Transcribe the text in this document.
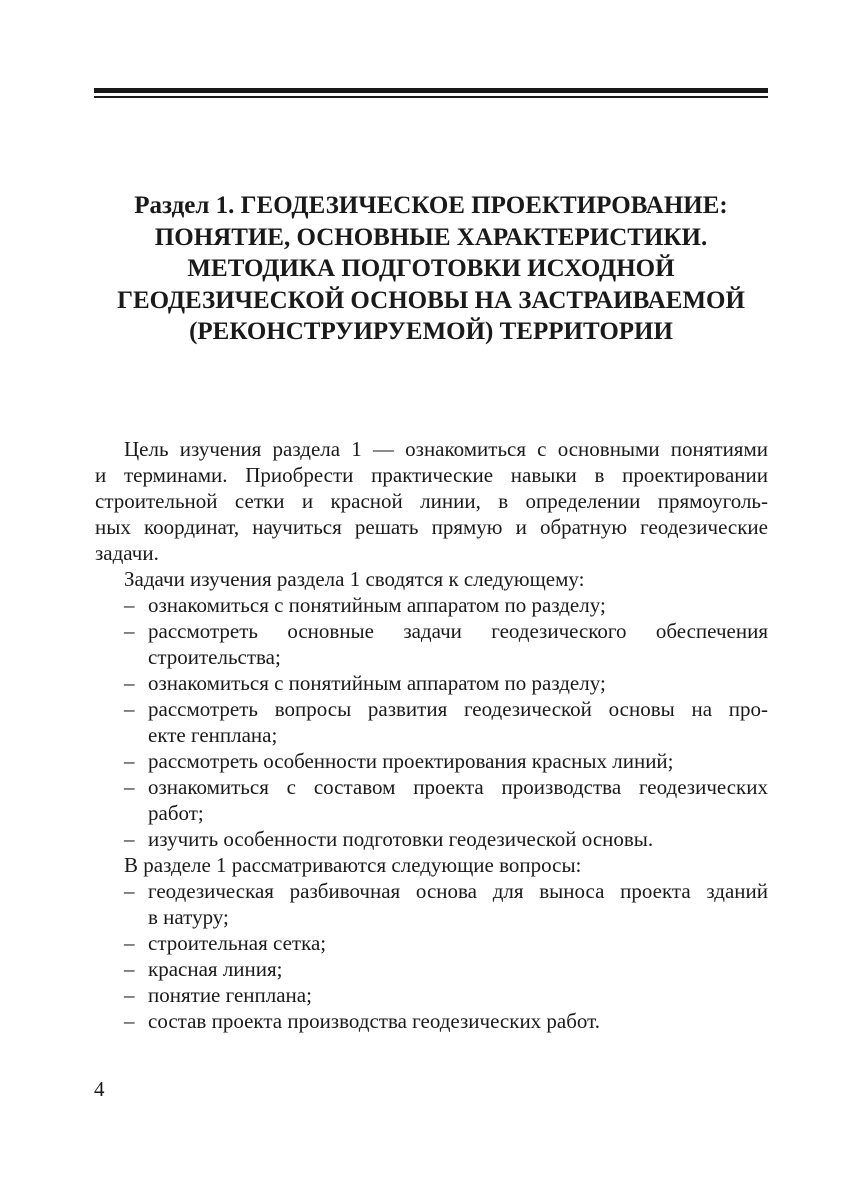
Раздел 1. ГЕОДЕЗИЧЕСКОЕ ПРОЕКТИРОВАНИЕ:
ПОНЯТИЕ, ОСНОВНЫЕ ХАРАКТЕРИСТИКИ.
МЕТОДИКА ПОДГОТОВКИ ИСХОДНОЙ
ГЕОДЕЗИЧЕСКОЙ ОСНОВЫ НА ЗАСТРАИВАЕМОЙ
(РЕКОНСТРУИРУЕМОЙ) ТЕРРИТОРИИ
Цель изучения раздела 1 — ознакомиться с основными понятиями
и терминами. Приобрести практические навыки в проектировании
строительной сетки и красной линии, в определении прямоуголь-
ных координат, научиться решать прямую и обратную геодезические
задачи.
Задачи изучения раздела 1 сводятся к следующему:
– ознакомиться с понятийным аппаратом по разделу;
– рассмотреть основные задачи геодезического обеспечения
строительства;
– ознакомиться с понятийным аппаратом по разделу;
– рассмотреть вопросы развития геодезической основы на про-
екте генплана;
– рассмотреть особенности проектирования красных линий;
– ознакомиться с составом проекта производства геодезических
работ;
– изучить особенности подготовки геодезической основы.
В разделе 1 рассматриваются следующие вопросы:
– геодезическая разбивочная основа для выноса проекта зданий
в натуру;
– строительная сетка;
– красная линия;
– понятие генплана;
– состав проекта производства геодезических работ.
4
